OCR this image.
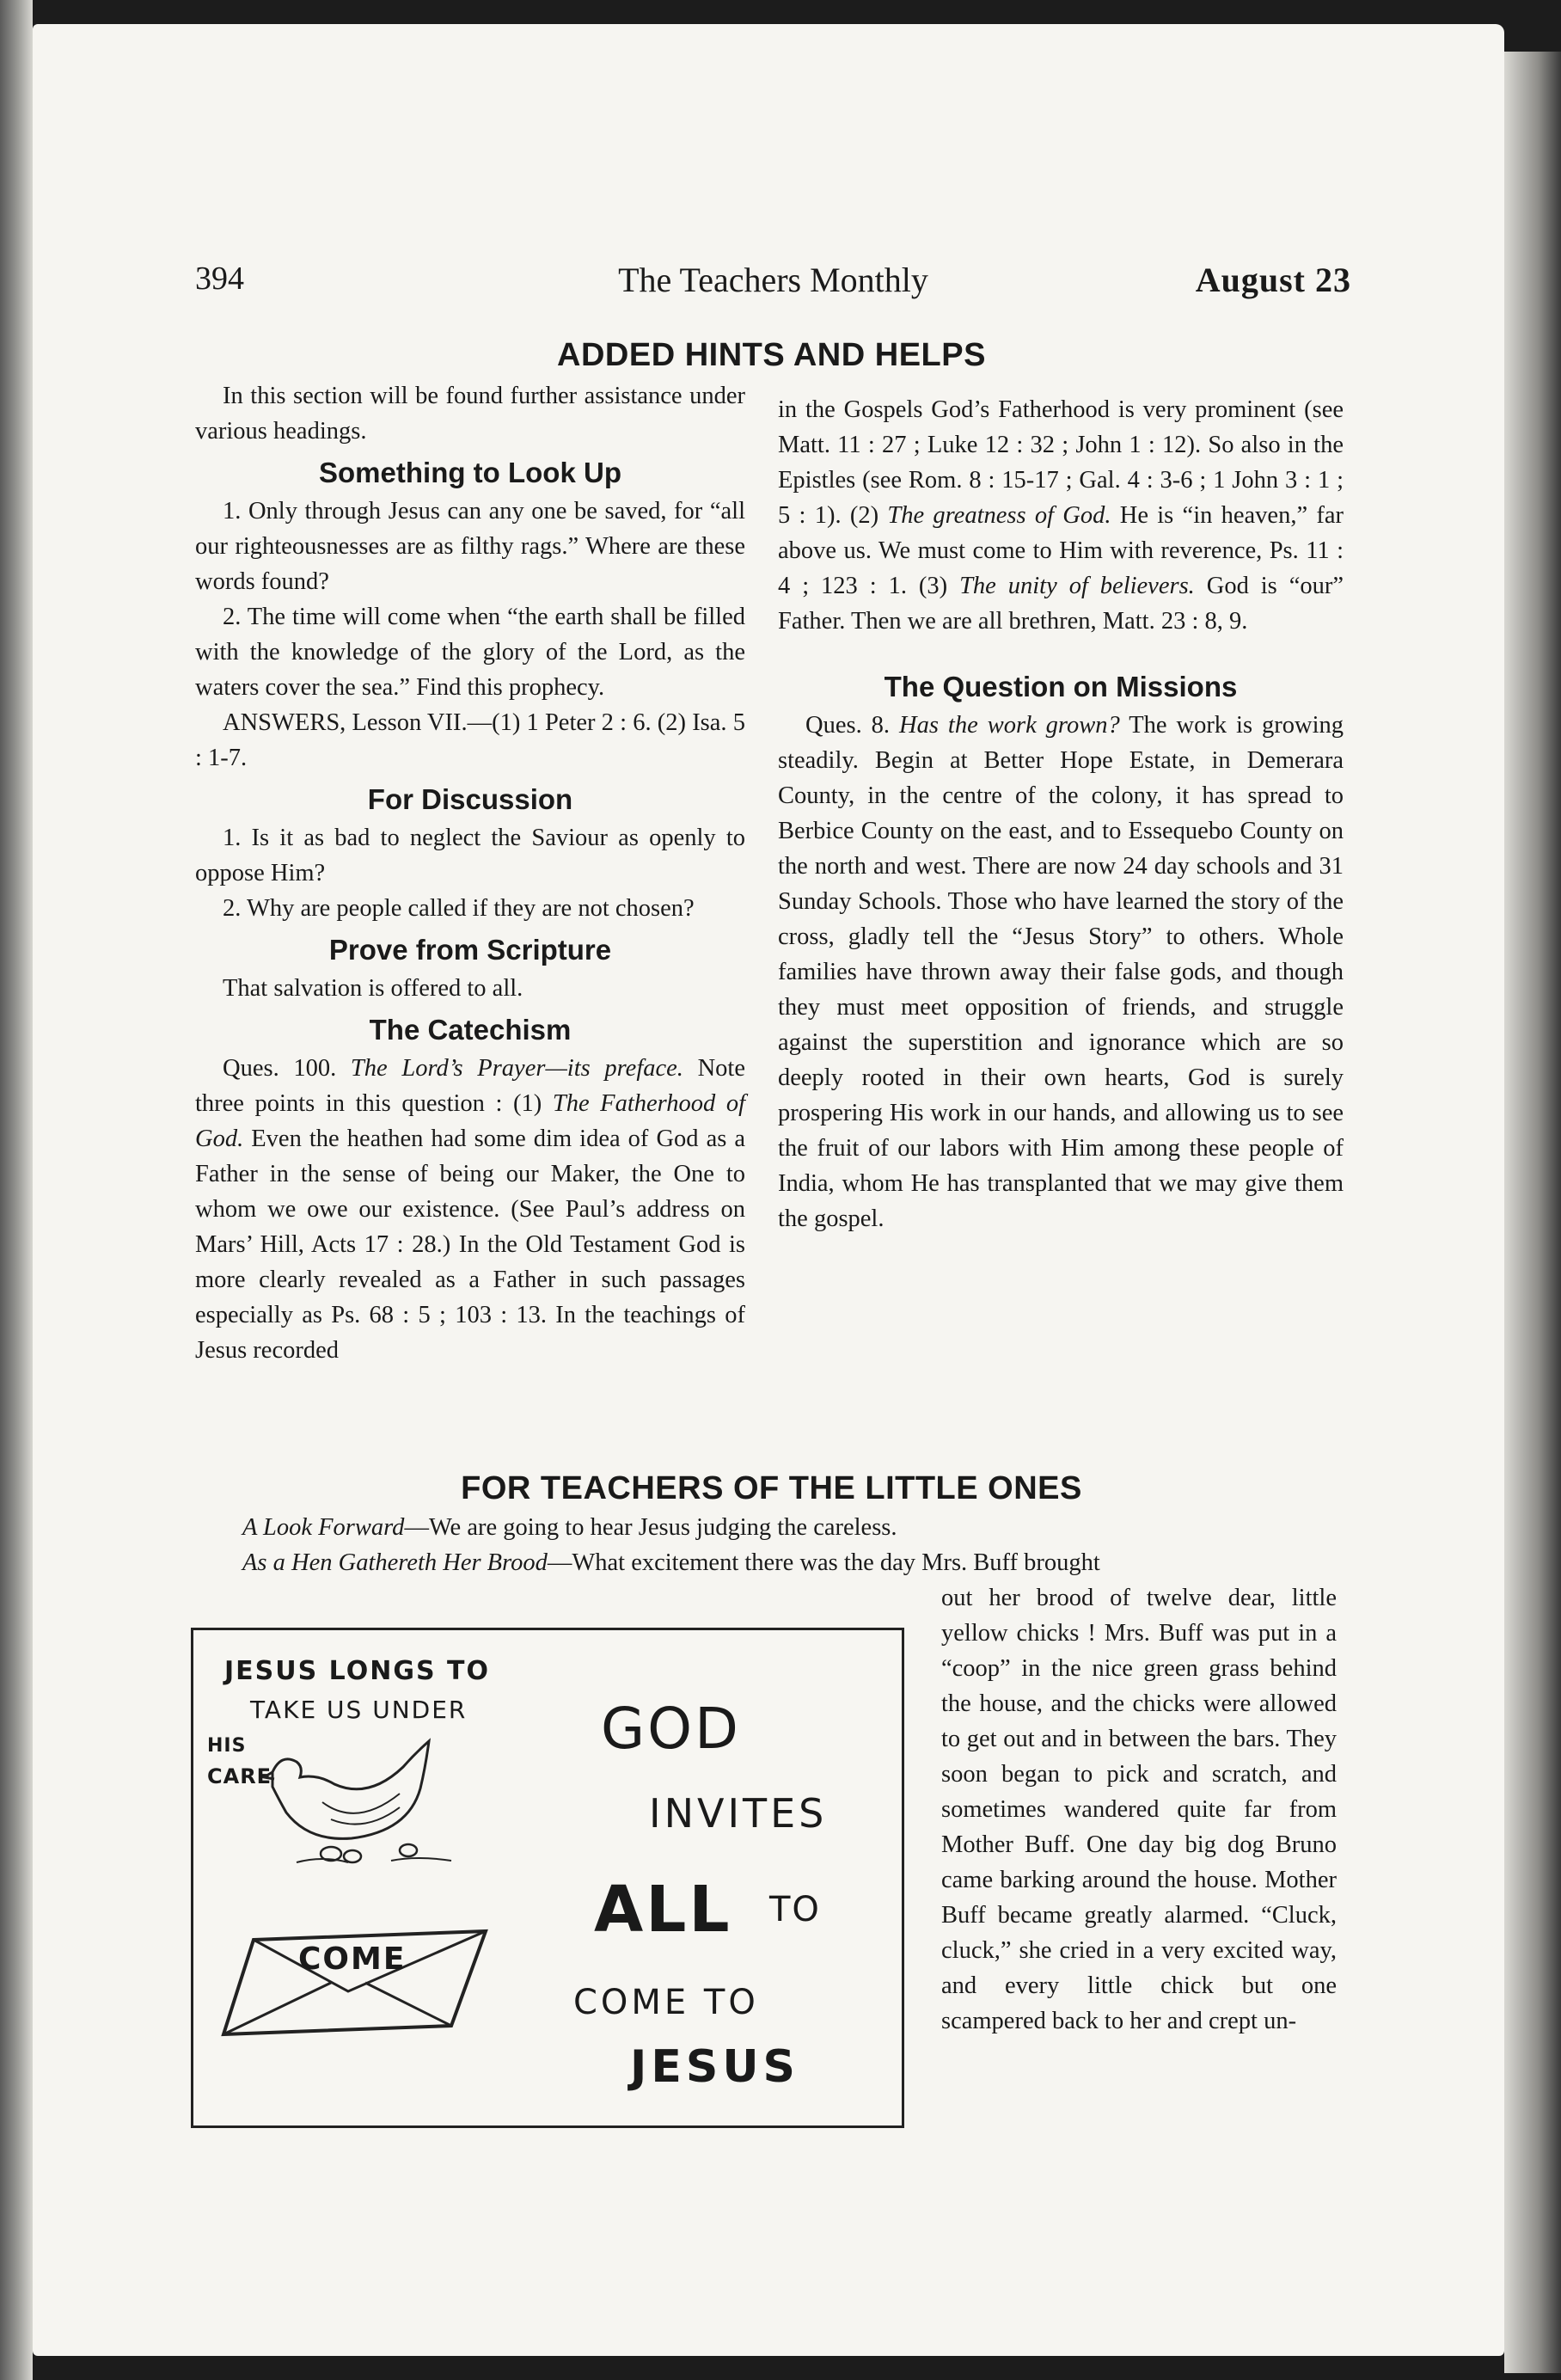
394	The Teachers Monthly	August 23
ADDED HINTS AND HELPS

In this section will be found further assistance under various headings.

Something to Look Up

1. Only through Jesus can any one be saved, for “all our righteousnesses are as filthy rags.” Where are these words found?

2. The time will come when “the earth shall be filled with the knowledge of the glory of the Lord, as the waters cover the sea.” Find this prophecy.

ANSWERS, Lesson VII.—(1) 1 Peter 2 : 6. (2) Isa. 5 : 1-7.

For Discussion

1. Is it as bad to neglect the Saviour as openly to oppose Him?

2. Why are people called if they are not chosen?

Prove from Scripture

That salvation is offered to all.

The Catechism

Ques. 100. The Lord’s Prayer—its preface. Note three points in this question : (1) The Fatherhood of God. Even the heathen had some dim idea of God as a Father in the sense of being our Maker, the One to whom we owe our existence. (See Paul’s address on Mars’ Hill, Acts 17 : 28.) In the Old Testament God is more clearly revealed as a Father in such passages especially as Ps. 68 : 5 ; 103 : 13. In the teachings of Jesus recorded

in the Gospels God’s Fatherhood is very prominent (see Matt. 11 : 27 ; Luke 12 : 32 ; John 1 : 12). So also in the Epistles (see Rom. 8 : 15-17 ; Gal. 4 : 3-6 ; 1 John 3 : 1 ; 5 : 1). (2) The greatness of God. He is “in heaven,” far above us. We must come to Him with reverence, Ps. 11 : 4 ; 123 : 1. (3) The unity of believers. God is “our” Father. Then we are all brethren, Matt. 23 : 8, 9.

The Question on Missions

Ques. 8. Has the work grown? The work is growing steadily. Begin at Better Hope Estate, in Demerara County, in the centre of the colony, it has spread to Berbice County on the east, and to Essequebo County on the north and west. There are now 24 day schools and 31 Sunday Schools. Those who have learned the story of the cross, gladly tell the “Jesus Story” to others. Whole families have thrown away their false gods, and though they must meet opposition of friends, and struggle against the superstition and ignorance which are so deeply rooted in their own hearts, God is surely prospering His work in our hands, and allowing us to see the fruit of our labors with Him among these people of India, whom He has transplanted that we may give them the gospel.

FOR TEACHERS OF THE LITTLE ONES

A Look Forward—We are going to hear Jesus judging the careless.

As a Hen Gathereth Her Brood—What excitement there was the day Mrs. Buff brought

out her brood of twelve dear, little yellow chicks ! Mrs. Buff was put in a “coop” in the nice green grass behind the house, and the chicks were allowed to get out and in between the bars. They soon began to pick and scratch, and sometimes wandered quite far from Mother Buff. One day big dog Bruno came barking around the house. Mother Buff became greatly alarmed. “Cluck, cluck,” she cried in a very excited way, and every little chick but one scampered back to her and crept un-

JESUS LONGS TO
TAKE US UNDER
HIS
CARE
COME
GOD
INVITES
ALL TO
COME TO
JESUS
